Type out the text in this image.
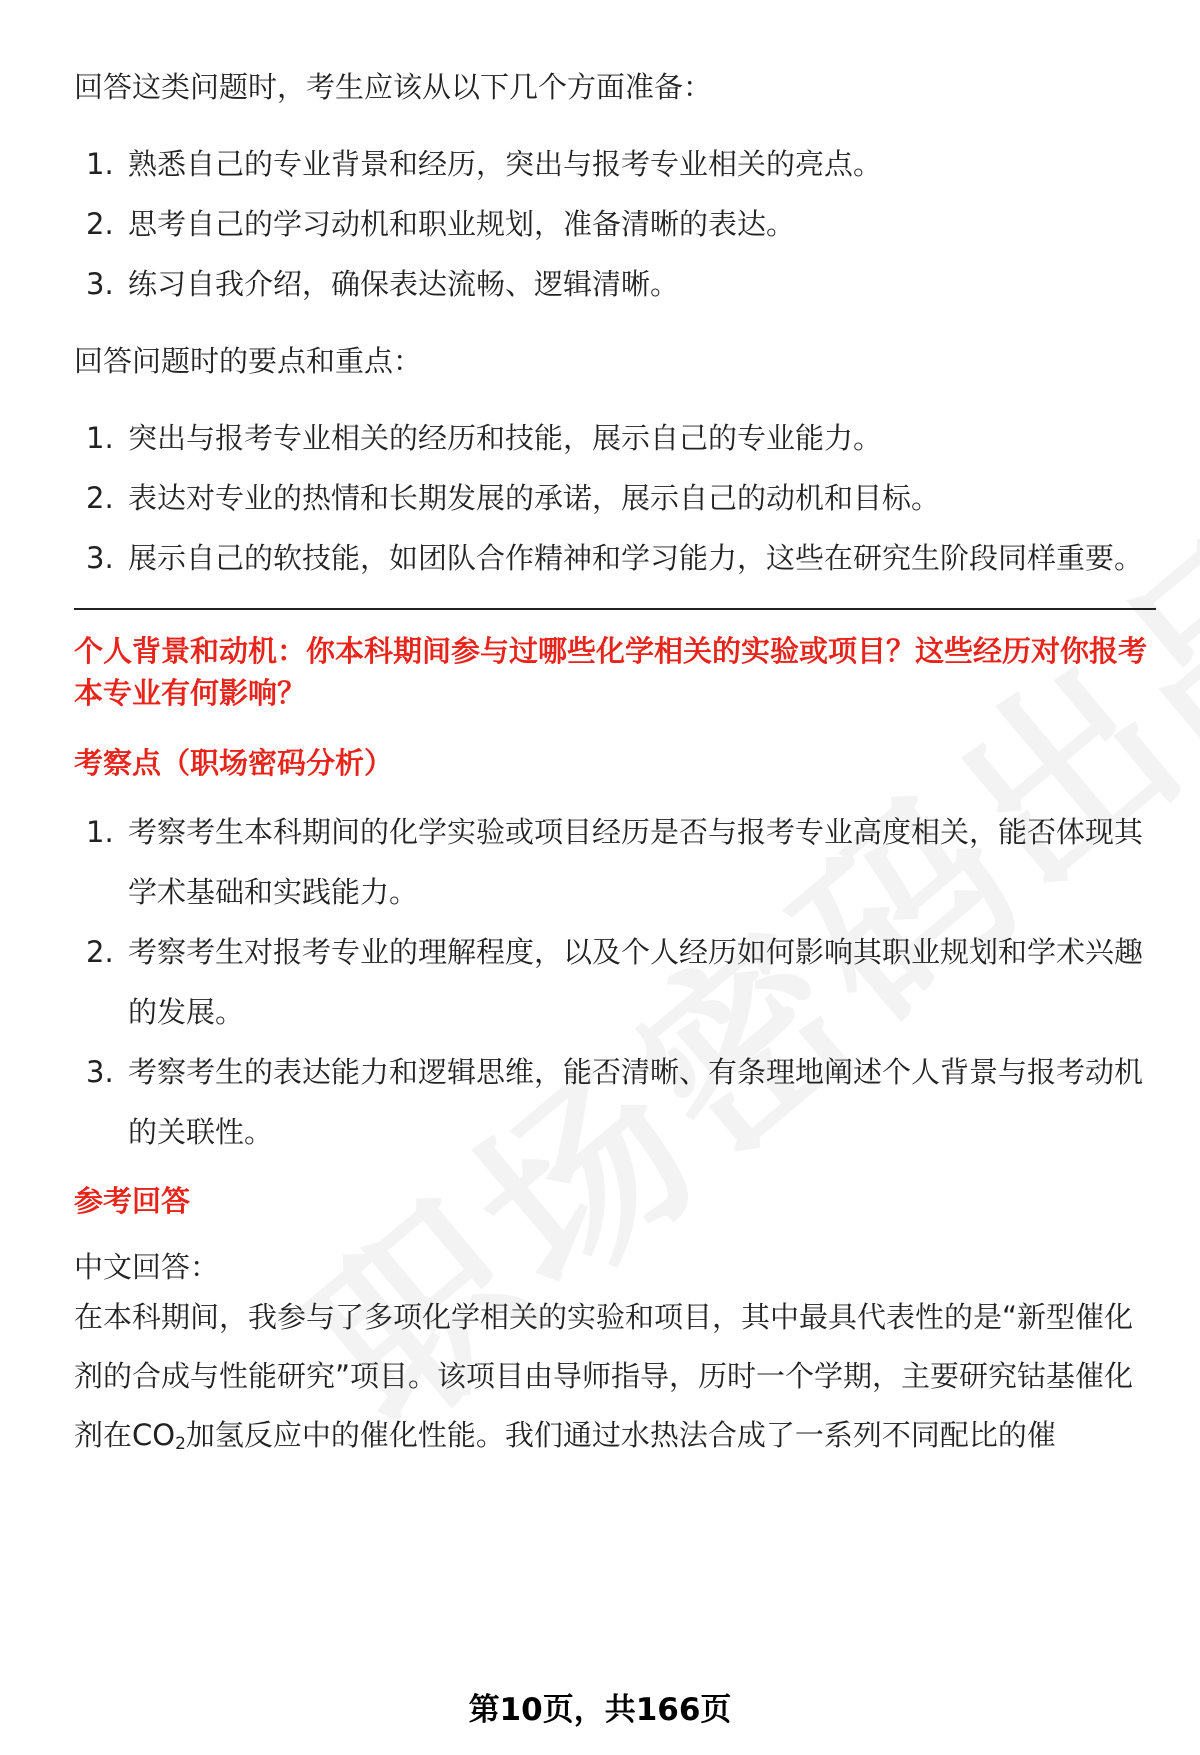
回答这类问题时，考生应该从以下几个方面准备：

1. 熟悉自己的专业背景和经历，突出与报考专业相关的亮点。
2. 思考自己的学习动机和职业规划，准备清晰的表达。
3. 练习自我介绍，确保表达流畅、逻辑清晰。

回答问题时的要点和重点：

1. 突出与报考专业相关的经历和技能，展示自己的专业能力。
2. 表达对专业的热情和长期发展的承诺，展示自己的动机和目标。
3. 展示自己的软技能，如团队合作精神和学习能力，这些在研究生阶段同样重要。

个人背景和动机：你本科期间参与过哪些化学相关的实验或项目？这些经历对你报考本专业有何影响？

考察点（职场密码分析）

1. 考察考生本科期间的化学实验或项目经历是否与报考专业高度相关，能否体现其学术基础和实践能力。
2. 考察考生对报考专业的理解程度，以及个人经历如何影响其职业规划和学术兴趣的发展。
3. 考察考生的表达能力和逻辑思维，能否清晰、有条理地阐述个人背景与报考动机的关联性。

参考回答

中文回答：

在本科期间，我参与了多项化学相关的实验和项目，其中最具代表性的是“新型催化剂的合成与性能研究”项目。该项目由导师指导，历时一个学期，主要研究钴基催化剂在$CO_2$加氢反应中的催化性能。我们通过水热法合成了一系列不同配比的催

第10页，共166页
